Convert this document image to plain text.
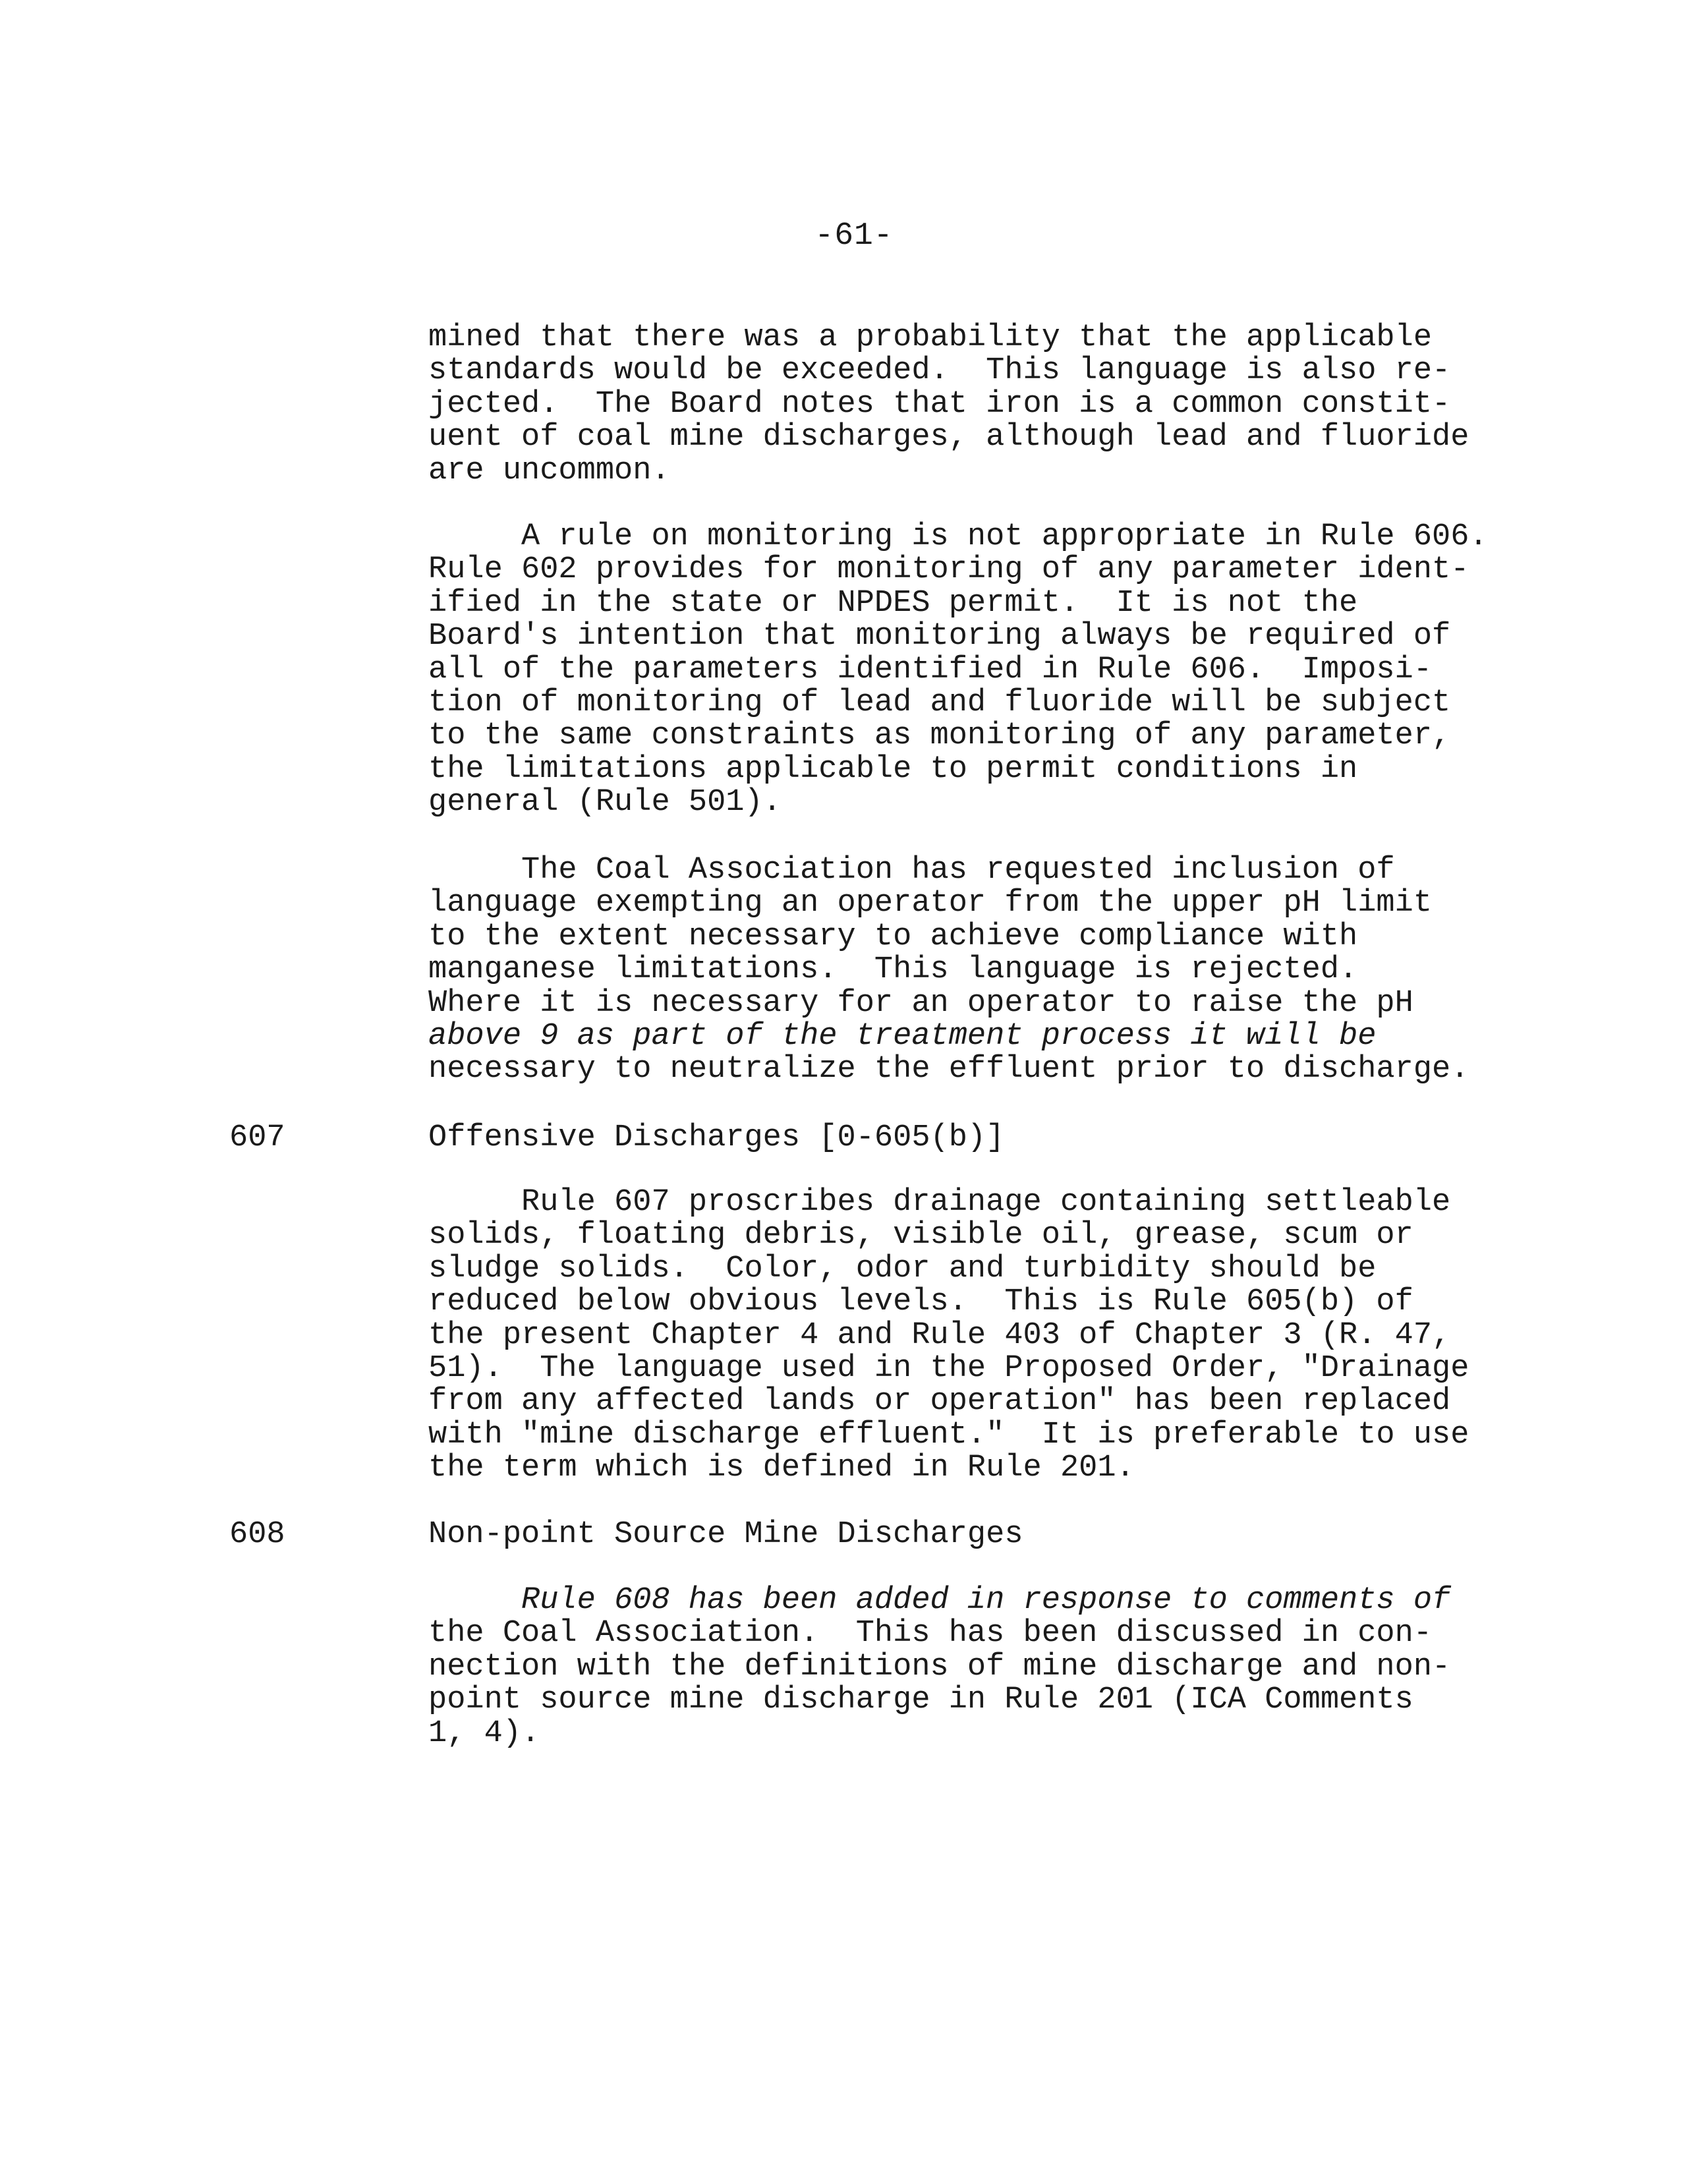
-61-
mined that there was a probability that the applicable
standards would be exceeded.  This language is also re-
jected.  The Board notes that iron is a common constit-
uent of coal mine discharges, although lead and fluoride
are uncommon.
A rule on monitoring is not appropriate in Rule 606.
Rule 602 provides for monitoring of any parameter ident-
ified in the state or NPDES permit.  It is not the
Board's intention that monitoring always be required of
all of the parameters identified in Rule 606.  Imposi-
tion of monitoring of lead and fluoride will be subject
to the same constraints as monitoring of any parameter,
the limitations applicable to permit conditions in
general (Rule 501).
The Coal Association has requested inclusion of
language exempting an operator from the upper pH limit
to the extent necessary to achieve compliance with
manganese limitations.  This language is rejected.
Where it is necessary for an operator to raise the pH
above 9 as part of the treatment process it will be
necessary to neutralize the effluent prior to discharge.
607	Offensive Discharges [0-605(b)]
Rule 607 proscribes drainage containing settleable
solids, floating debris, visible oil, grease, scum or
sludge solids.  Color, odor and turbidity should be
reduced below obvious levels.  This is Rule 605(b) of
the present Chapter 4 and Rule 403 of Chapter 3 (R. 47,
51).  The language used in the Proposed Order, "Drainage
from any affected lands or operation" has been replaced
with "mine discharge effluent."  It is preferable to use
the term which is defined in Rule 201.
608	Non-point Source Mine Discharges
Rule 608 has been added in response to comments of
the Coal Association.  This has been discussed in con-
nection with the definitions of mine discharge and non-
point source mine discharge in Rule 201 (ICA Comments
1, 4).
